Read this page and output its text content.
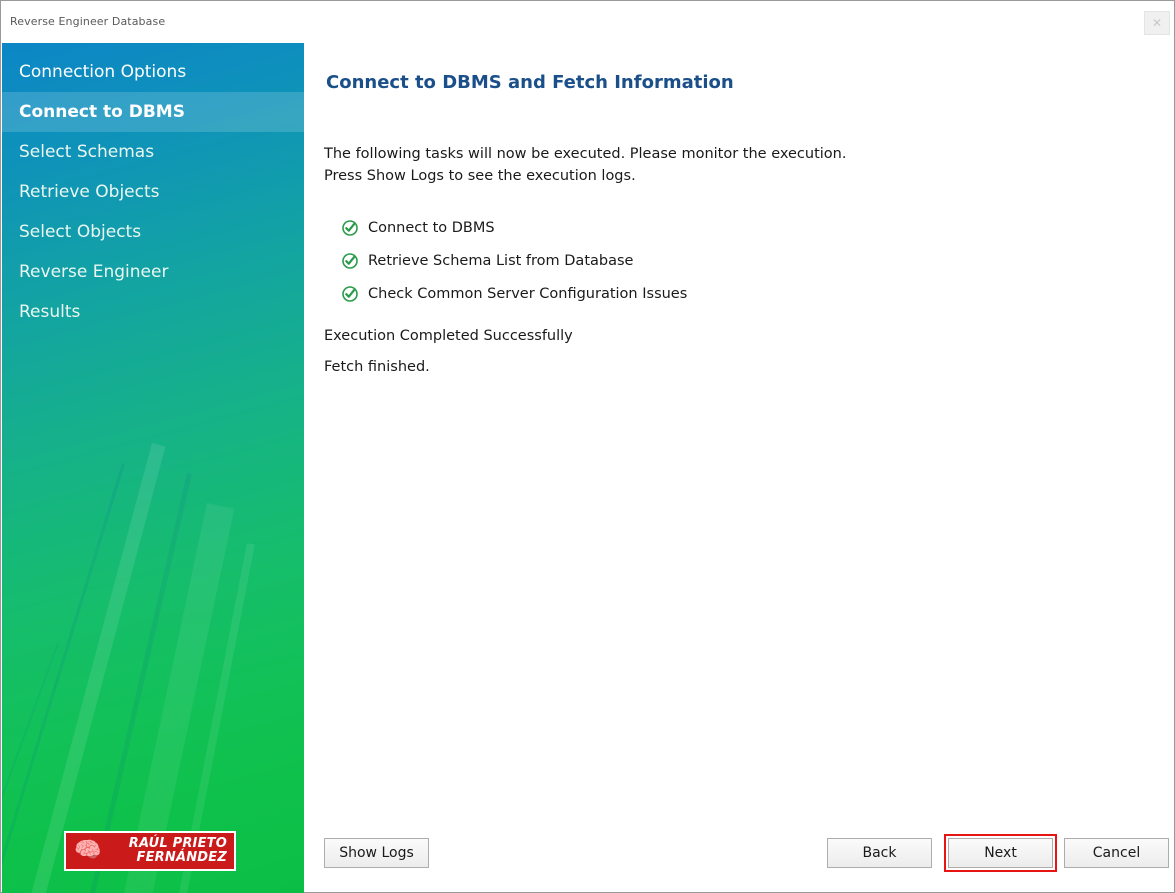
Reverse Engineer Database	✕
Connection Options
Connect to DBMS
Select Schemas
Retrieve Objects
Select Objects
Reverse Engineer
Results
🧠	RAÚL PRIETO
FERNÁNDEZ
Connect to DBMS and Fetch Information
The following tasks will now be executed. Please monitor the execution.
Press Show Logs to see the execution logs.
Connect to DBMS
Retrieve Schema List from Database
Check Common Server Configuration Issues
Execution Completed Successfully
Fetch finished.
Show Logs	Back	Next	Cancel
